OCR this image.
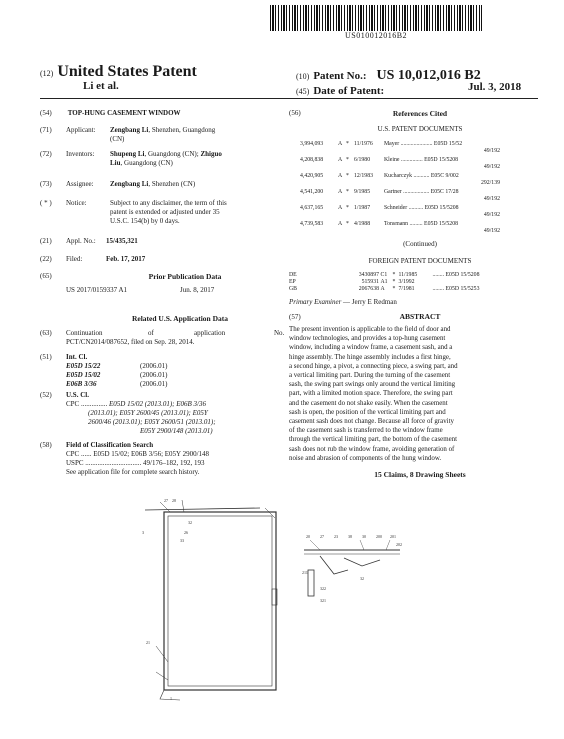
US010012016B2
(12) United States Patent
Li et al.
(10) Patent No.: US 10,012,016 B2
(45) Date of Patent:	Jul. 3, 2018
(54) TOP-HUNG CASEMENT WINDOW
(71) Applicant: Zengbang Li, Shenzhen, Guangdong
(CN)
(72) Inventors: Shupeng Li, Guangdong (CN); Zhiguo
Liu, Guangdong (CN)
(73) Assignee: Zengbang Li, Shenzhen (CN)
( * ) Notice:	Subject to any disclaimer, the term of this
patent is extended or adjusted under 35
U.S.C. 154(b) by 0 days.
(21) Appl. No.: 15/435,321
(22) Filed:	Feb. 17, 2017
(65)	Prior Publication Data
US 2017/0159337 A1	Jun. 8, 2017
Related U.S. Application Data
(63) Continuation	of	application	No.
PCT/CN2014/087652, filed on Sep. 28, 2014.
(51) Int. Cl.
E05D 15/22	(2006.01)
E05D 15/02	(2006.01)
E06B 3/36	(2006.01)
(52) U.S. Cl.
CPC ............... E05D 15/02 (2013.01); E06B 3/36
(2013.01); E05Y 2600/45 (2013.01); E05Y
2600/46 (2013.01); E05Y 2600/51 (2013.01);
E05Y 2900/148 (2013.01)
(58) Field of Classification Search
CPC ...... E05D 15/02; E06B 3/56; E05Y 2900/148
USPC ................................ 49/176–182, 192, 193
See application file for complete search history.
(56)	References Cited
U.S. PATENT DOCUMENTS
3,994,093	A * 11/1976 Mayer ...................... E05D 15/52
49/192
4,208,838	A * 6/1980 Kleine ............... E05D 15/5208
49/192
4,420,905	A * 12/1983 Kucharczyk ........... E05C 9/002
292/139
4,541,200	A * 9/1985 Gartner .................. E05C 17/28
49/192
4,637,165	A * 1/1987 Schneider .......... E05D 15/5208
49/192
4,739,583	A * 4/1988 Tonsmann ......... E05D 15/5208
49/192
(Continued)
FOREIGN PATENT DOCUMENTS
DE	3430897 C1 * 11/1985	........ E05D 15/5208
EP	515931 A1 * 3/1992
GB	2067638 A * 7/1981	........ E05D 15/5253
Primary Examiner — Jerry E Redman
(57)	ABSTRACT
The present invention is applicable to the field of door and
window technologies, and provides a top-hung casement
window, including a window frame, a casement sash, and a
hinge assembly. The hinge assembly includes a first hinge,
a second hinge, a pivot, a connecting piece, a swing part, and
a vertical limiting part. During the turning of the casement
sash, the swing part swings only around the vertical limiting
part, with a limited motion space. Therefore, the swing part
and the casement do not shake easily. When the casement
sash is open, the position of the vertical limiting part and
casement sash does not change. Because all force of gravity
of the casement sash is transferred to the window frame
through the vertical limiting part, the bottom of the casement
sash does not rub the window frame, avoiding generation of
noise and abrasion of components of the hung window.
15 Claims, 8 Drawing Sheets
27 28
32
26
3
33
21
1
20	27	23	38	30	200 201
202
32
211
322
321
